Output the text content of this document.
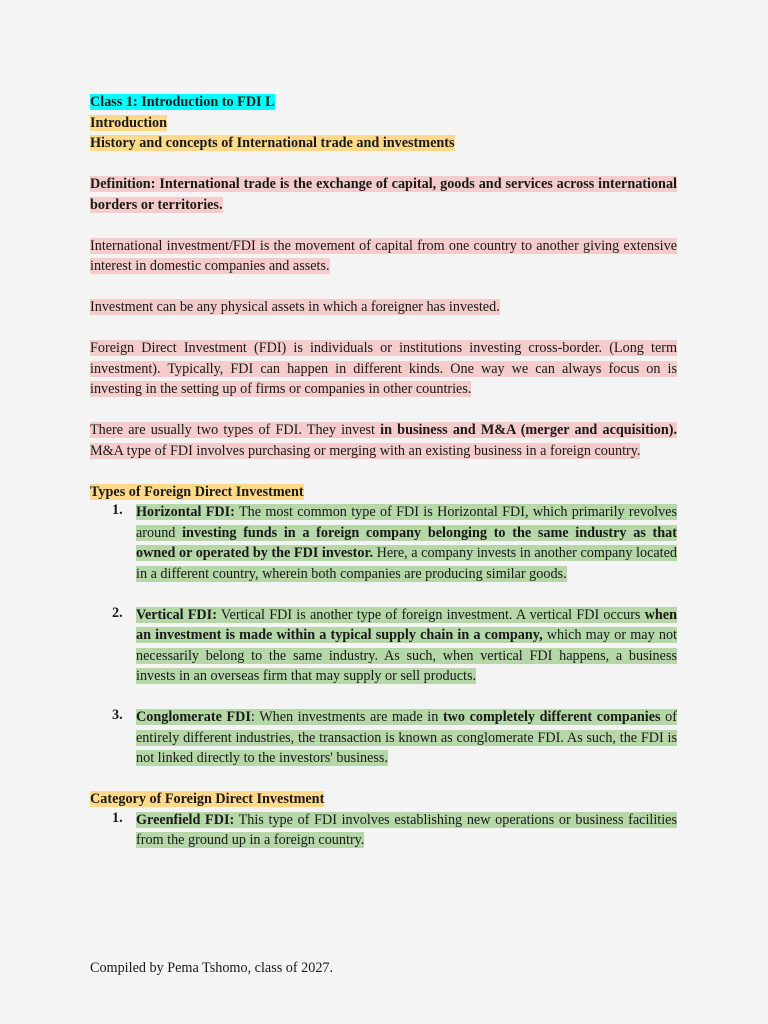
Class 1: Introduction to FDI L

Introduction

History and concepts of International trade and investments

Definition: International trade is the exchange of capital, goods and services across international borders or territories.

International investment/FDI is the movement of capital from one country to another giving extensive interest in domestic companies and assets.

Investment can be any physical assets in which a foreigner has invested.

Foreign Direct Investment (FDI) is individuals or institutions investing cross-border. (Long term investment). Typically, FDI can happen in different kinds. One way we can always focus on is investing in the setting up of firms or companies in other countries.

There are usually two types of FDI. They invest in business and M&A (merger and acquisition). M&A type of FDI involves purchasing or merging with an existing business in a foreign country.

Types of Foreign Direct Investment

1. Horizontal FDI: The most common type of FDI is Horizontal FDI, which primarily revolves around investing funds in a foreign company belonging to the same industry as that owned or operated by the FDI investor. Here, a company invests in another company located in a different country, wherein both companies are producing similar goods.

2. Vertical FDI: Vertical FDI is another type of foreign investment. A vertical FDI occurs when an investment is made within a typical supply chain in a company, which may or may not necessarily belong to the same industry. As such, when vertical FDI happens, a business invests in an overseas firm that may supply or sell products.

3. Conglomerate FDI: When investments are made in two completely different companies of entirely different industries, the transaction is known as conglomerate FDI. As such, the FDI is not linked directly to the investors' business.

Category of Foreign Direct Investment

1. Greenfield FDI: This type of FDI involves establishing new operations or business facilities from the ground up in a foreign country.

Compiled by Pema Tshomo, class of 2027.
